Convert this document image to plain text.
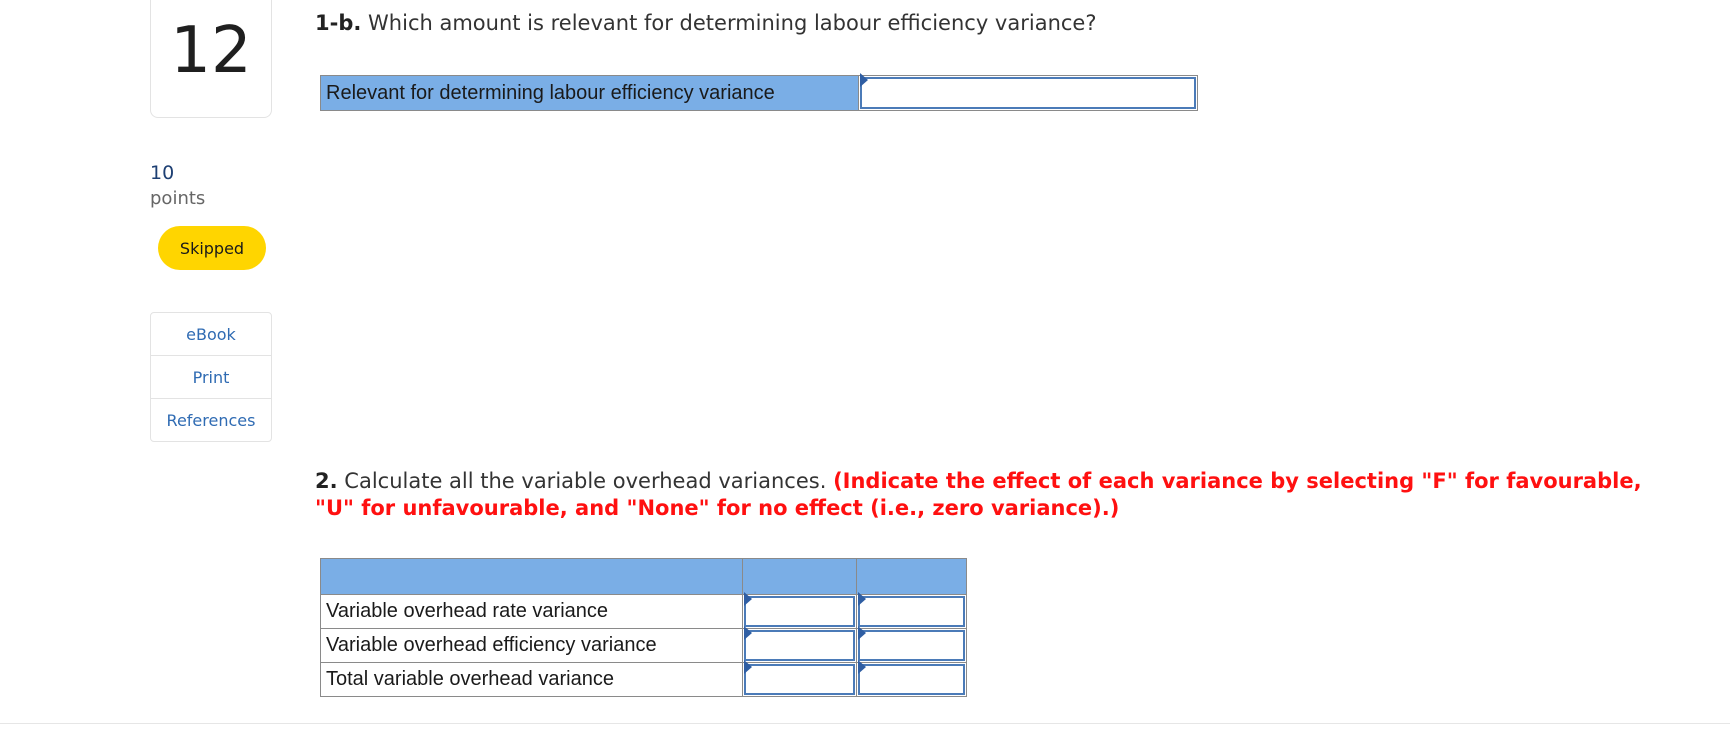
12
10
points
Skipped
eBook
Print
References
1-b. Which amount is relevant for determining labour efficiency variance?
Relevant for determining labour efficiency variance	
2. Calculate all the variable overhead variances. (Indicate the effect of each variance by selecting "F" for favourable, "U" for unfavourable, and "None" for no effect (i.e., zero variance).)

Variable overhead rate variance	

Variable overhead efficiency variance	

Total variable overhead variance	
